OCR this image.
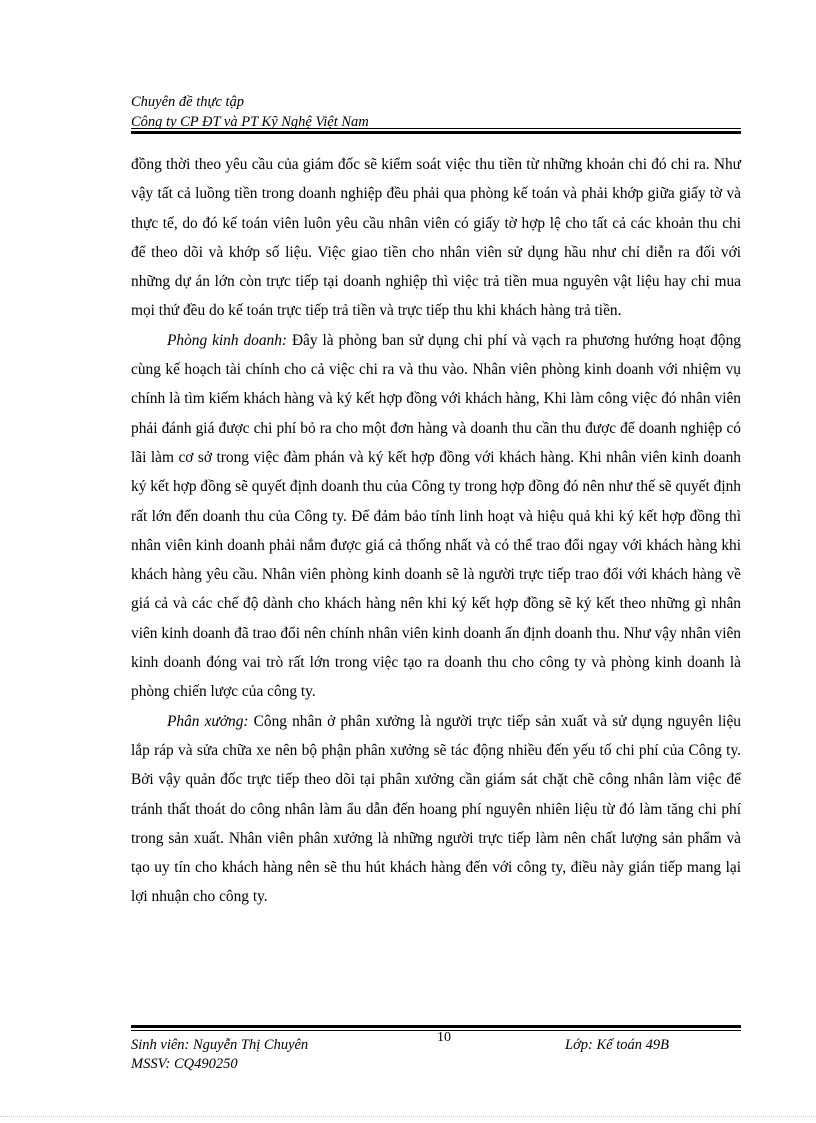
Chuyên đề thực tập
Công ty CP ĐT và PT Kỹ Nghệ Việt Nam

đồng thời theo yêu cầu của giám đốc sẽ kiểm soát việc thu tiền từ những khoản chi đó chi ra. Như vậy tất cả luồng tiền trong doanh nghiệp đều phải qua phòng kế toán và phải khớp giữa giấy tờ và thực tế, do đó kế toán viên luôn yêu cầu nhân viên có giấy tờ hợp lệ cho tất cả các khoản thu chi để theo dõi và khớp số liệu. Việc giao tiền cho nhân viên sử dụng hầu như chỉ diễn ra đối với những dự án lớn còn trực tiếp tại doanh nghiệp thì việc trả tiền mua nguyên vật liệu hay chi mua mọi thứ đều do kế toán trực tiếp trả tiền và trực tiếp thu khi khách hàng trả tiền.

Phòng kinh doanh: Đây là phòng ban sử dụng chi phí và vạch ra phương hướng hoạt động cùng kế hoạch tài chính cho cả việc chi ra và thu vào. Nhân viên phòng kinh doanh với nhiệm vụ chính là tìm kiếm khách hàng và ký kết hợp đồng với khách hàng, Khi làm công việc đó nhân viên phải đánh giá được chi phí bỏ ra cho một đơn hàng và doanh thu cần thu được để doanh nghiệp có lãi làm cơ sở trong việc đàm phán và ký kết hợp đồng với khách hàng. Khi nhân viên kinh doanh ký kết hợp đồng sẽ quyết định doanh thu của Công ty trong hợp đồng đó nên như thế sẽ quyết định rất lớn đến doanh thu của Công ty. Để đảm bảo tính linh hoạt và hiệu quả khi ký kết hợp đồng thì nhân viên kinh doanh phải nắm được giá cả thống nhất và có thể trao đổi ngay với khách hàng khi khách hàng yêu cầu. Nhân viên phòng kinh doanh sẽ là người trực tiếp trao đổi với khách hàng về giá cả và các chế độ dành cho khách hàng nên khi ký kết hợp đồng sẽ ký kết theo những gì nhân viên kinh doanh đã trao đổi nên chính nhân viên kinh doanh ấn định doanh thu. Như vậy nhân viên kinh doanh đóng vai trò rất lớn trong việc tạo ra doanh thu cho công ty và phòng kinh doanh là phòng chiến lược của công ty.

Phân xưởng: Công nhân ở phân xưởng là người trực tiếp sản xuất và sử dụng nguyên liệu lắp ráp và sửa chữa xe nên bộ phận phân xưởng sẽ tác động nhiều đến yếu tố chi phí của Công ty. Bởi vậy quản đốc trực tiếp theo dõi tại phân xưởng cần giám sát chặt chẽ công nhân làm việc để tránh thất thoát do công nhân làm ẩu dẫn đến hoang phí nguyên nhiên liệu từ đó làm tăng chi phí trong sản xuất. Nhân viên phân xưởng là những người trực tiếp làm nên chất lượng sản phẩm và tạo uy tín cho khách hàng nên sẽ thu hút khách hàng đến với công ty, điều này gián tiếp mang lại lợi nhuận cho công ty.

Sinh viên: Nguyễn Thị Chuyên	10	Lớp: Kế toán 49B
MSSV: CQ490250
